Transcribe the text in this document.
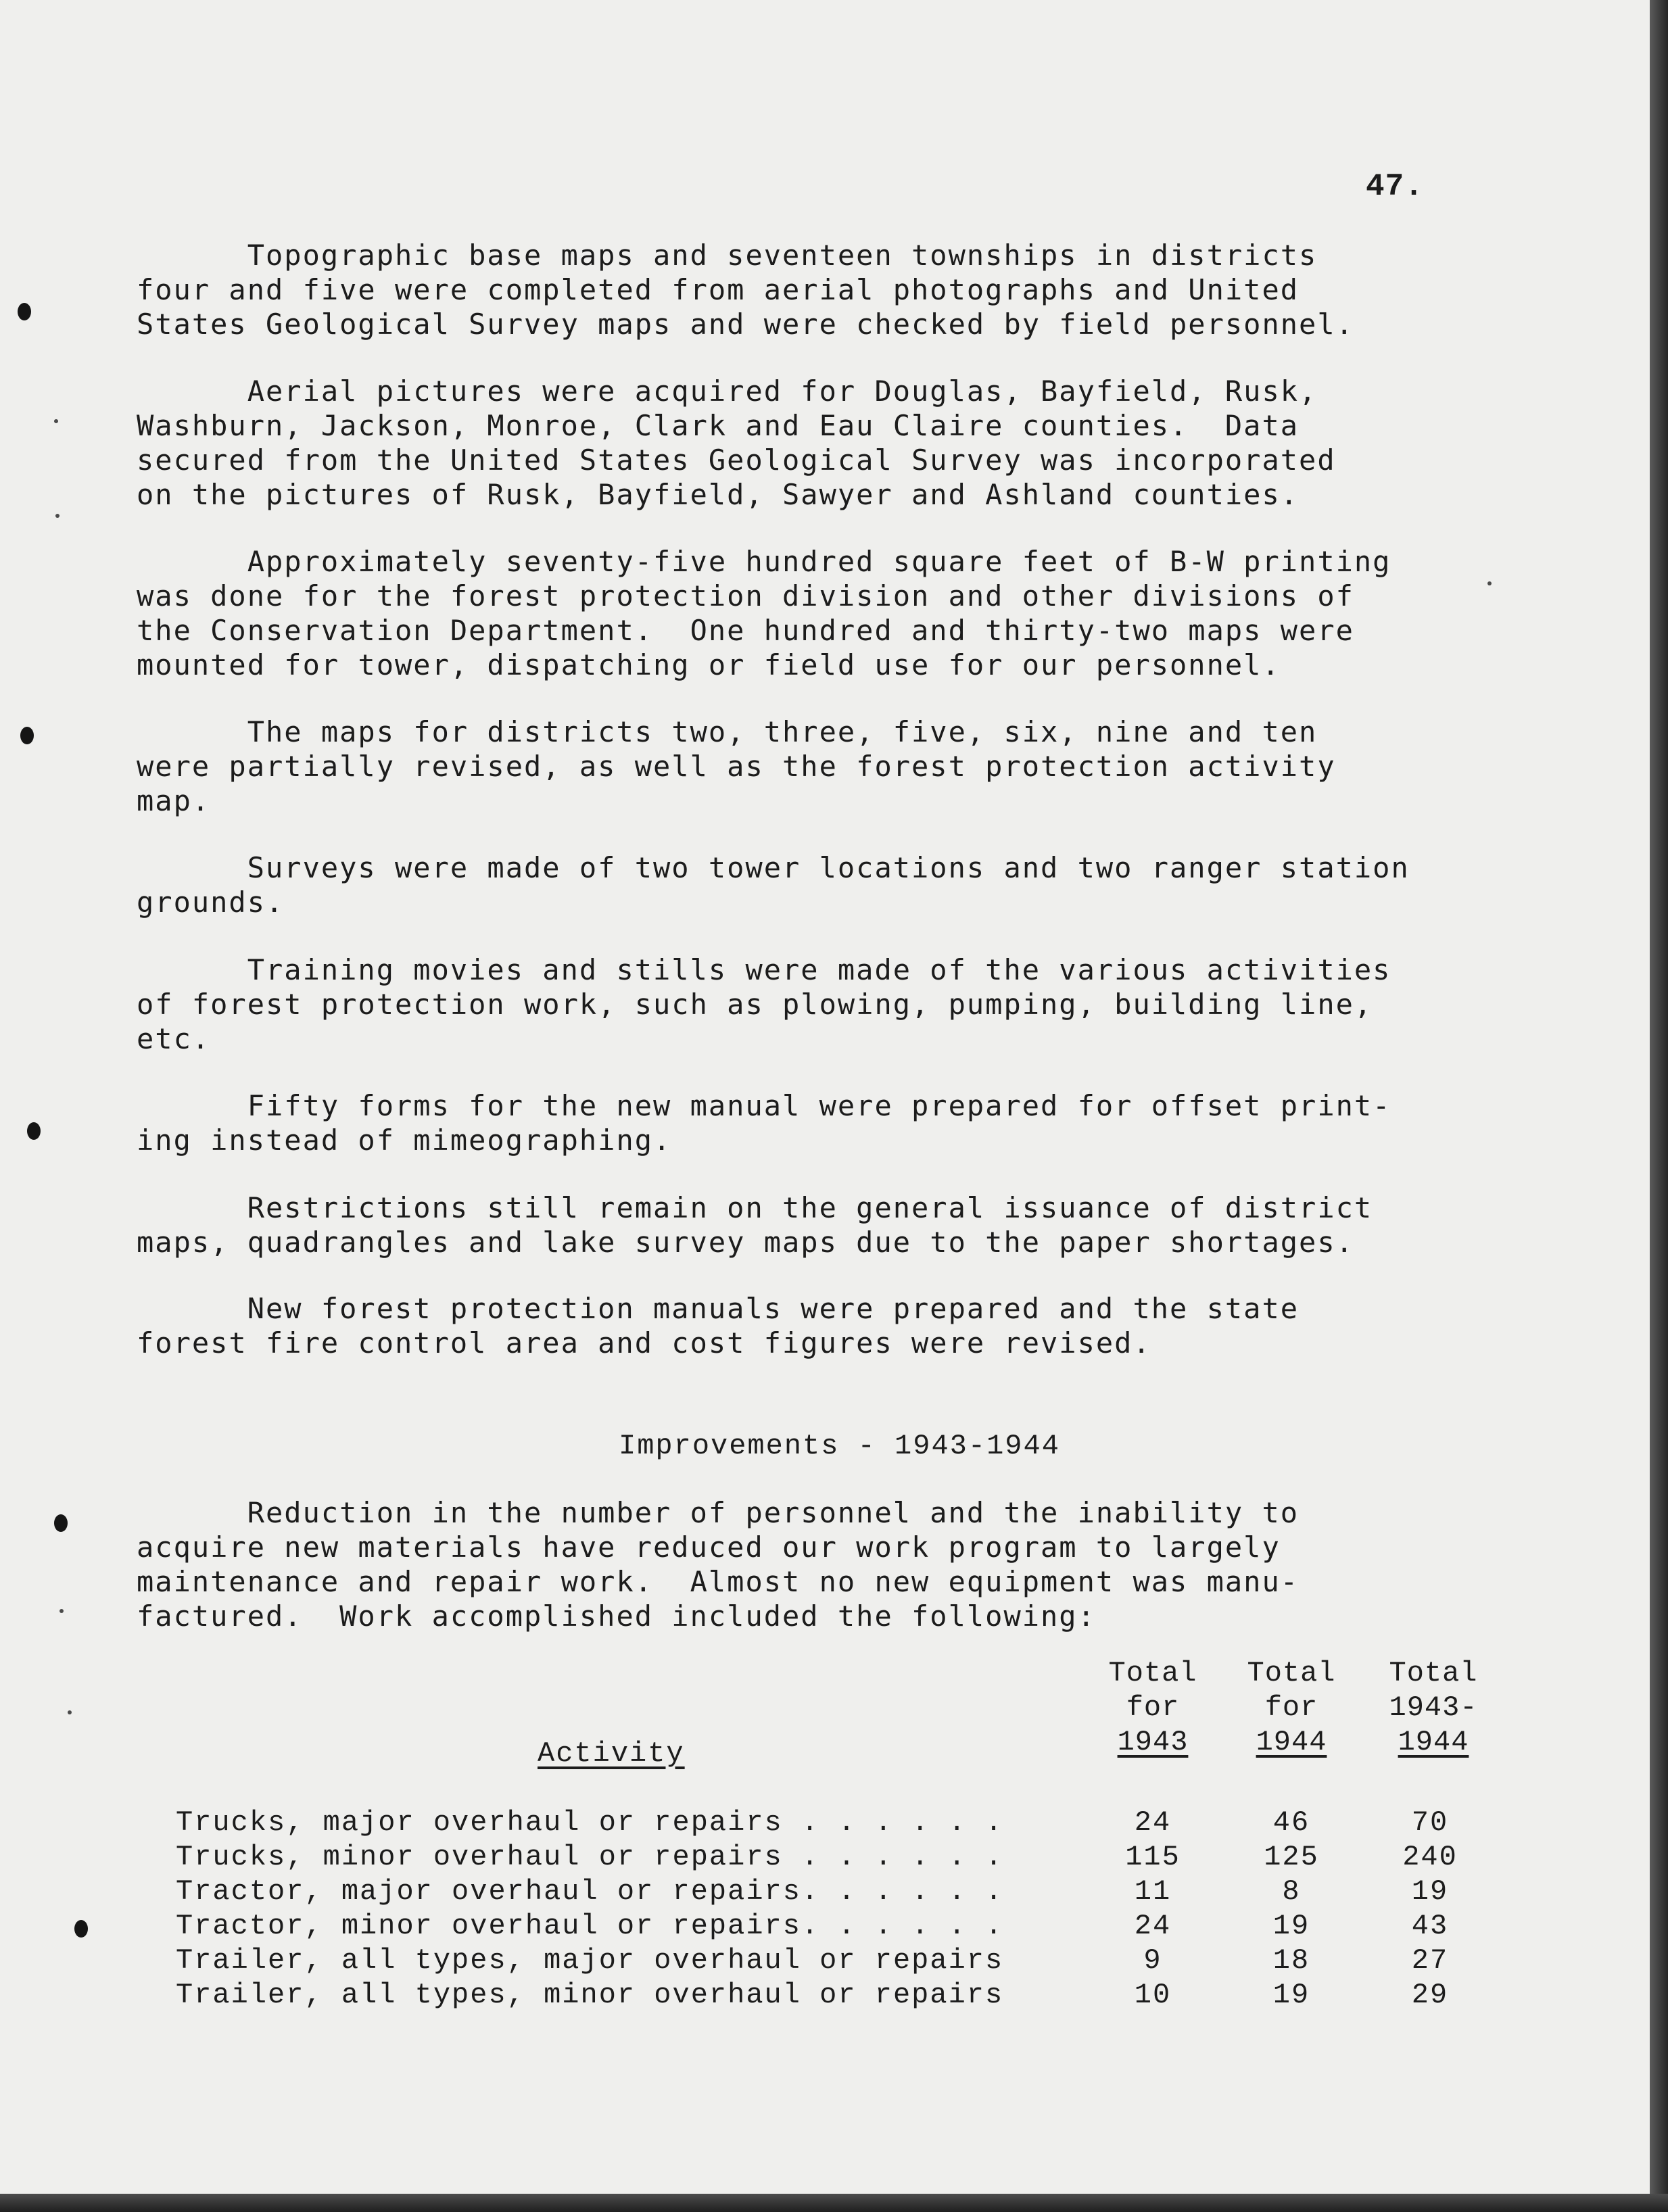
47.
Topographic base maps and seventeen townships in districts
four and five were completed from aerial photographs and United
States Geological Survey maps and were checked by field personnel.
Aerial pictures were acquired for Douglas, Bayfield, Rusk,
Washburn, Jackson, Monroe, Clark and Eau Claire counties.  Data
secured from the United States Geological Survey was incorporated
on the pictures of Rusk, Bayfield, Sawyer and Ashland counties.
Approximately seventy-five hundred square feet of B-W printing
was done for the forest protection division and other divisions of
the Conservation Department.  One hundred and thirty-two maps were
mounted for tower, dispatching or field use for our personnel.
The maps for districts two, three, five, six, nine and ten
were partially revised, as well as the forest protection activity
map.
Surveys were made of two tower locations and two ranger station
grounds.
Training movies and stills were made of the various activities
of forest protection work, such as plowing, pumping, building line,
etc.
Fifty forms for the new manual were prepared for offset print-
ing instead of mimeographing.
Restrictions still remain on the general issuance of district
maps, quadrangles and lake survey maps due to the paper shortages.
New forest protection manuals were prepared and the state
forest fire control area and cost figures were revised.
Improvements - 1943-1944
Reduction in the number of personnel and the inability to
acquire new materials have reduced our work program to largely
maintenance and repair work.  Almost no new equipment was manu-
factured.  Work accomplished included the following:
Activity
Total
for
1943
Total
for
1944
Total
1943-
1944
Trucks, major overhaul or repairs . . . . . .	24	46	70
Trucks, minor overhaul or repairs . . . . . .	115	125	240
Tractor, major overhaul or repairs. . . . . .	11	8	19
Tractor, minor overhaul or repairs. . . . . .	24	19	43
Trailer, all types, major overhaul or repairs	9	18	27
Trailer, all types, minor overhaul or repairs	10	19	29
